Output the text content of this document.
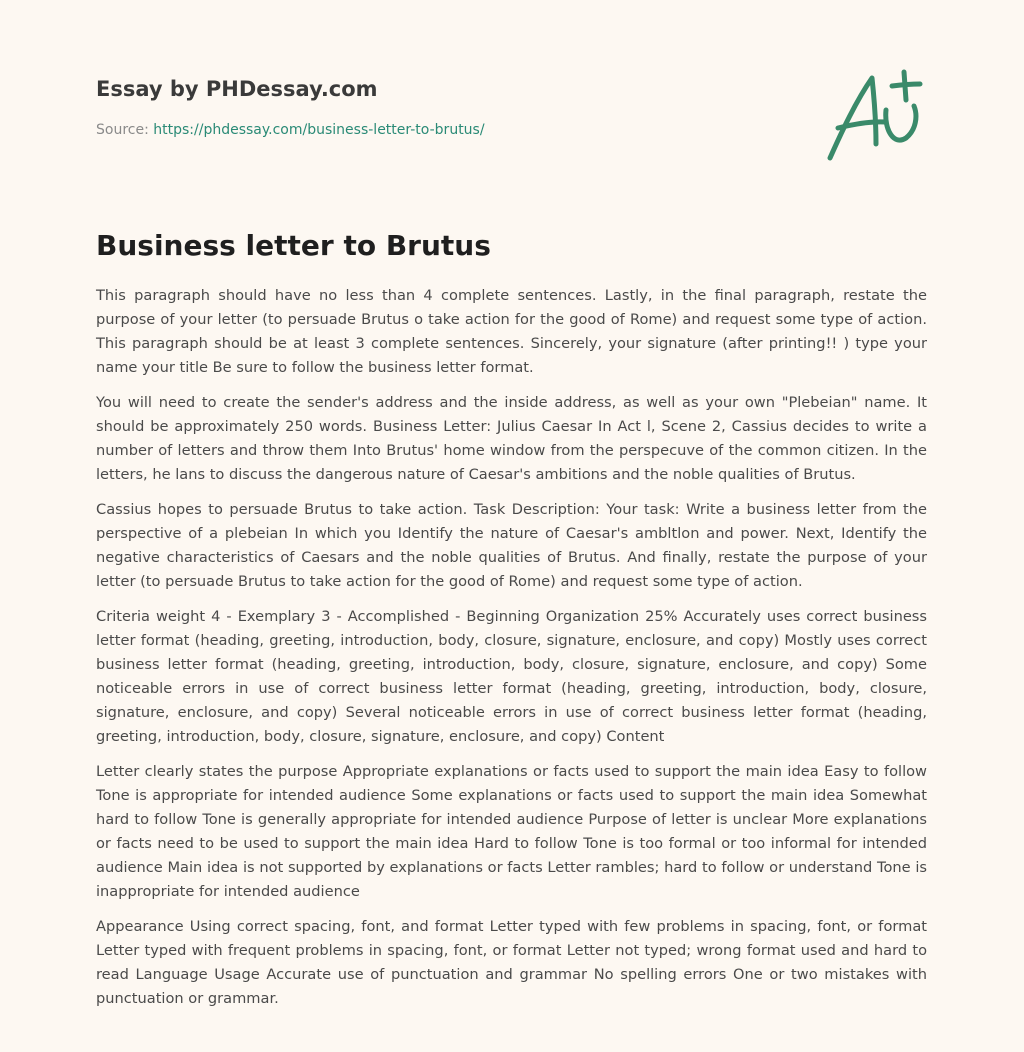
Essay by PHDessay.com
Source: https://phdessay.com/business-letter-to-brutus/
Business letter to Brutus

This paragraph should have no less than 4 complete sentences. Lastly, in the final paragraph, restate the purpose of your letter (to persuade Brutus o take action for the good of Rome) and request some type of action. This paragraph should be at least 3 complete sentences. Sincerely, your signature (after printing!! ) type your name your title Be sure to follow the business letter format.

You will need to create the sender's address and the inside address, as well as your own "Plebeian" name. It should be approximately 250 words. Business Letter: Julius Caesar In Act l, Scene 2, Cassius decides to write a number of letters and throw them Into Brutus' home window from the perspecuve of the common citizen. In the letters, he lans to discuss the dangerous nature of Caesar's ambitions and the noble qualities of Brutus.

Cassius hopes to persuade Brutus to take action. Task Description: Your task: Write a business letter from the perspective of a plebeian In which you Identify the nature of Caesar's ambltlon and power. Next, Identify the negative characteristics of Caesars and the noble qualities of Brutus. And finally, restate the purpose of your letter (to persuade Brutus to take action for the good of Rome) and request some type of action.

Criteria weight 4 - Exemplary 3 - Accomplished - Beginning Organization 25% Accurately uses correct business letter format (heading, greeting, introduction, body, closure, signature, enclosure, and copy) Mostly uses correct business letter format (heading, greeting, introduction, body, closure, signature, enclosure, and copy) Some noticeable errors in use of correct business letter format (heading, greeting, introduction, body, closure, signature, enclosure, and copy) Several noticeable errors in use of correct business letter format (heading, greeting, introduction, body, closure, signature, enclosure, and copy) Content

Letter clearly states the purpose Appropriate explanations or facts used to support the main idea Easy to follow Tone is appropriate for intended audience Some explanations or facts used to support the main idea Somewhat hard to follow Tone is generally appropriate for intended audience Purpose of letter is unclear More explanations or facts need to be used to support the main idea Hard to follow Tone is too formal or too informal for intended audience Main idea is not supported by explanations or facts Letter rambles; hard to follow or understand Tone is inappropriate for intended audience

Appearance Using correct spacing, font, and format Letter typed with few problems in spacing, font, or format Letter typed with frequent problems in spacing, font, or format Letter not typed; wrong format used and hard to read Language Usage Accurate use of punctuation and grammar No spelling errors One or two mistakes with punctuation or grammar.
